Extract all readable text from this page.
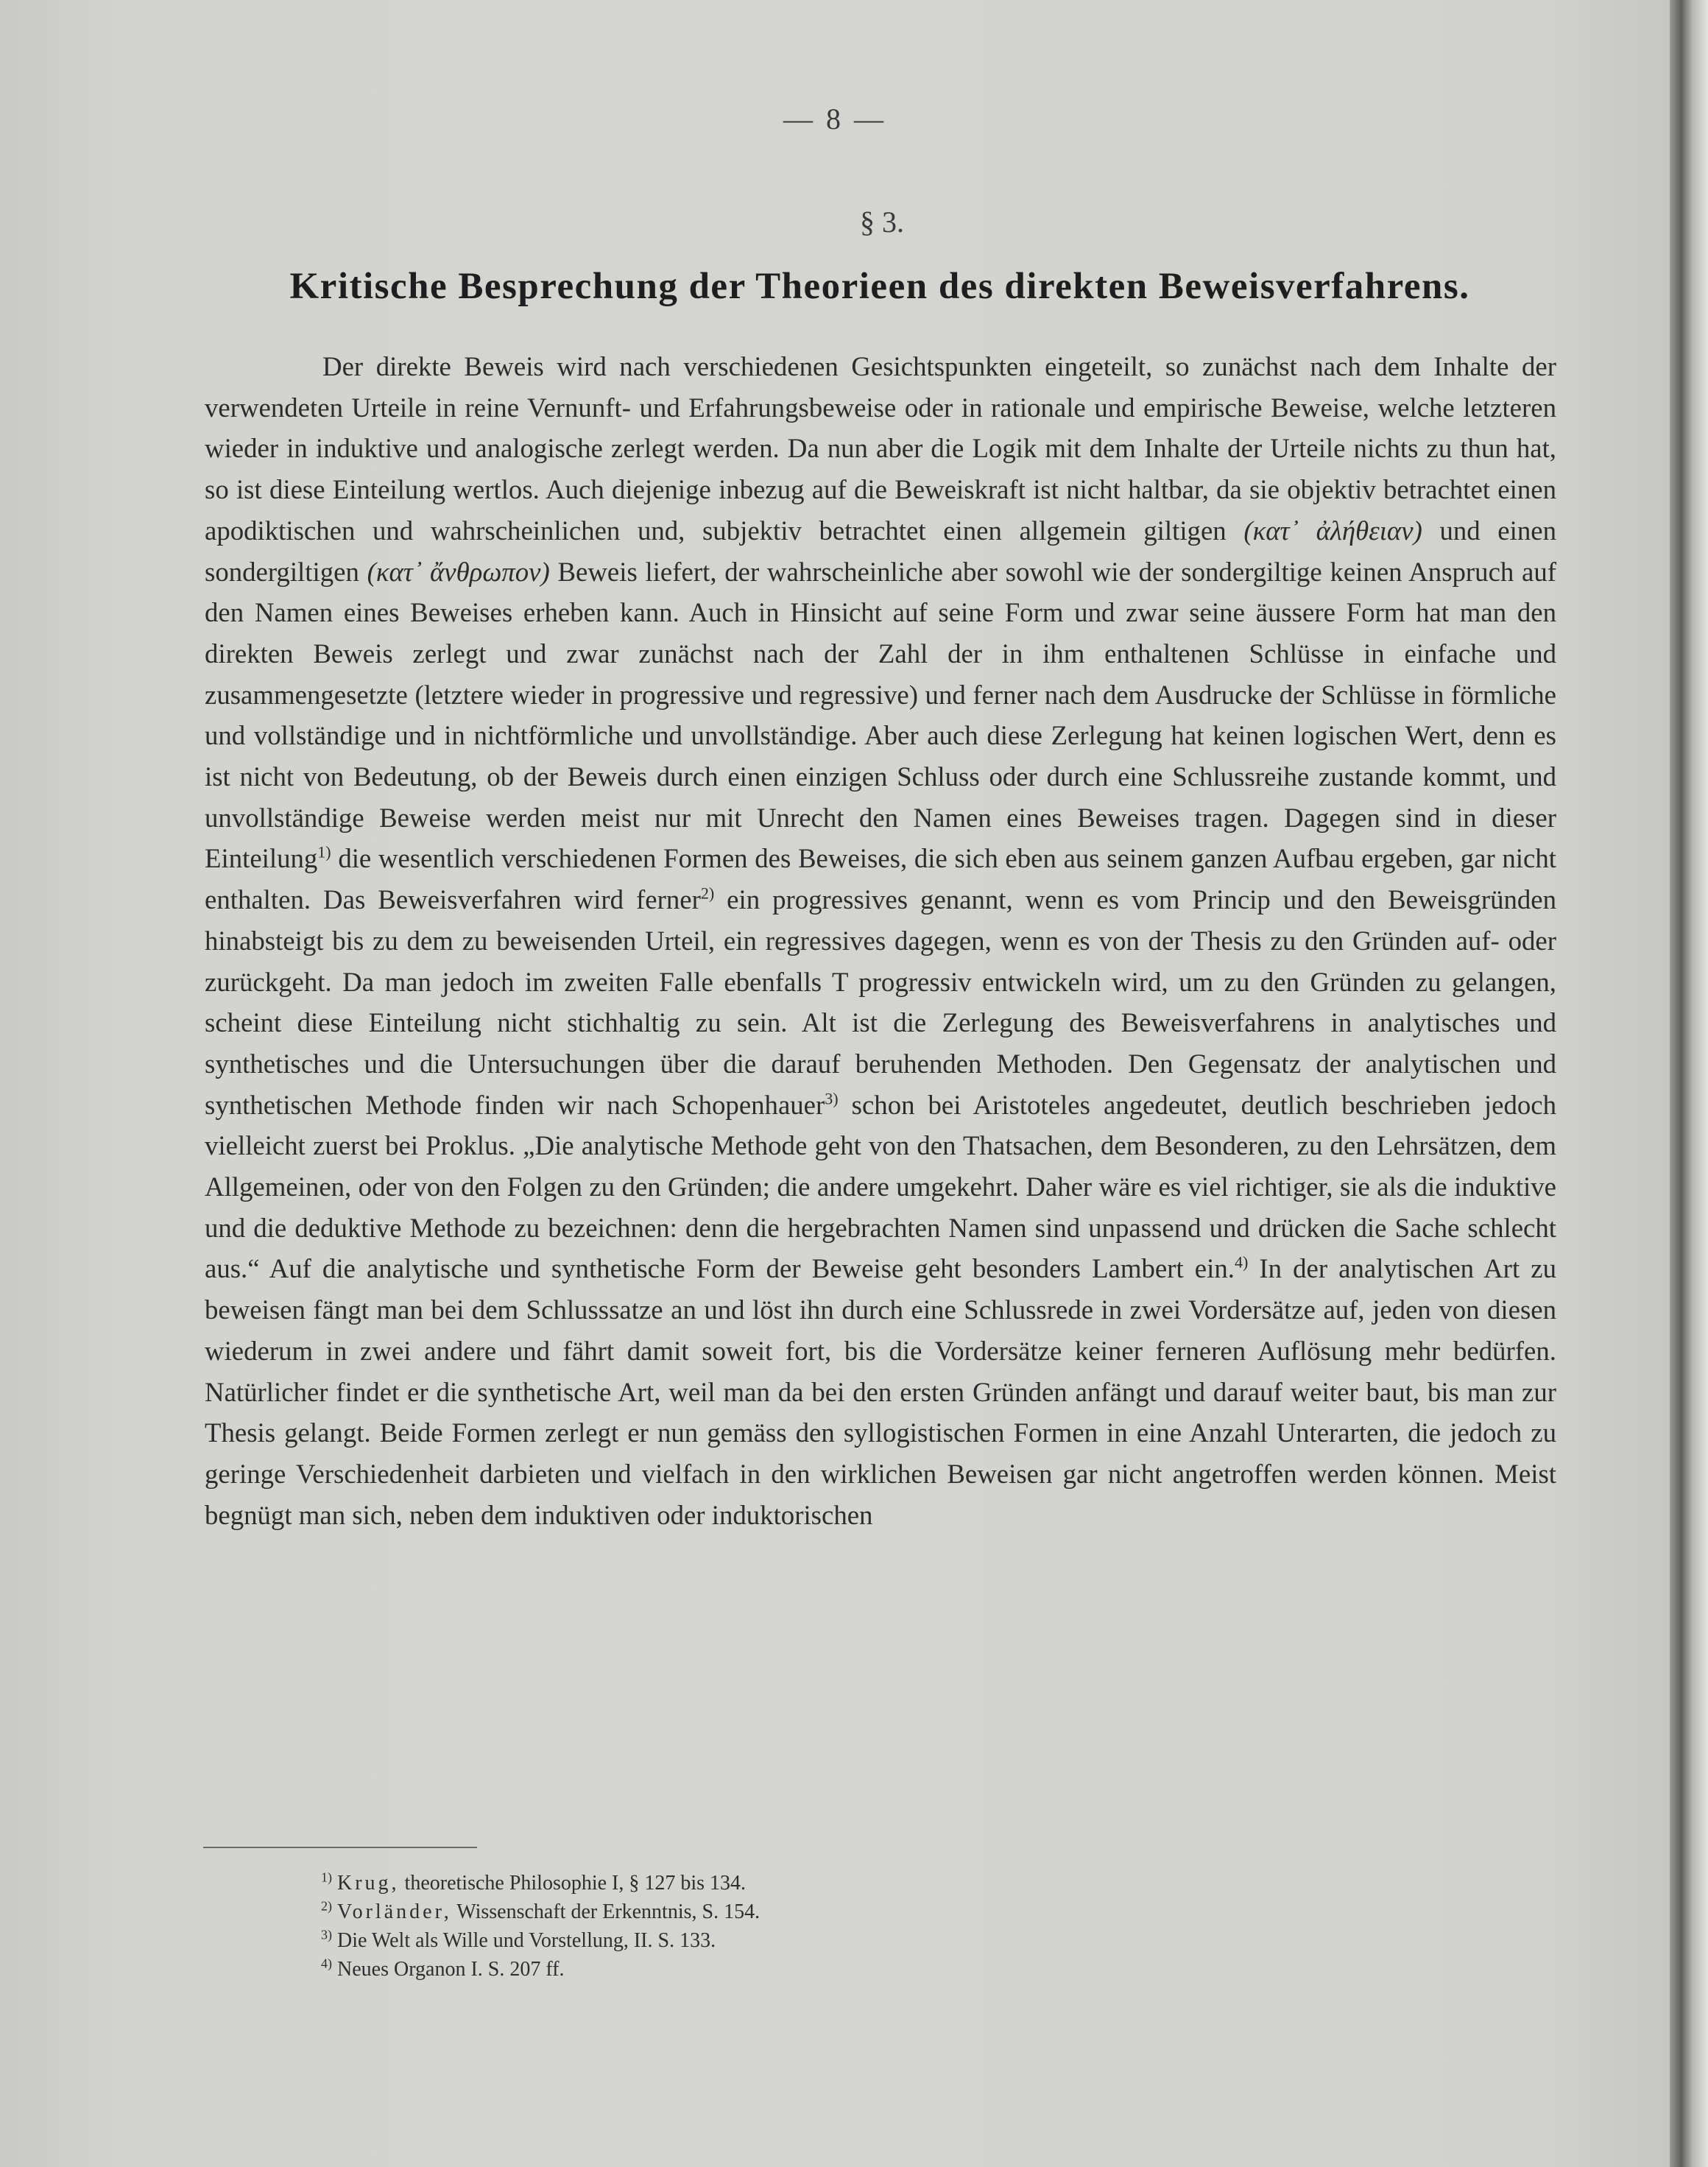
— 8 —
§ 3.
Kritische Besprechung der Theorieen des direkten Beweisverfahrens.
Der direkte Beweis wird nach verschiedenen Gesichtspunkten eingeteilt, so zunächst nach dem Inhalte der verwendeten Urteile in reine Vernunft- und Erfahrungsbeweise oder in rationale und empirische Beweise, welche letzteren wieder in induktive und analogische zerlegt werden. Da nun aber die Logik mit dem Inhalte der Urteile nichts zu thun hat, so ist diese Einteilung wertlos. Auch diejenige inbezug auf die Beweiskraft ist nicht haltbar, da sie objektiv betrachtet einen apodiktischen und wahrscheinlichen und, subjektiv betrachtet einen allgemein giltigen (κατ᾽ ἀλήθειαν) und einen sondergiltigen (κατ᾽ ἄνθρωπον) Beweis liefert, der wahrscheinliche aber sowohl wie der sondergiltige keinen Anspruch auf den Namen eines Beweises erheben kann. Auch in Hinsicht auf seine Form und zwar seine äussere Form hat man den direkten Beweis zerlegt und zwar zunächst nach der Zahl der in ihm enthaltenen Schlüsse in einfache und zusammengesetzte (letztere wieder in progressive und regressive) und ferner nach dem Ausdrucke der Schlüsse in förmliche und vollständige und in nichtförmliche und unvollständige. Aber auch diese Zerlegung hat keinen logischen Wert, denn es ist nicht von Bedeutung, ob der Beweis durch einen einzigen Schluss oder durch eine Schlussreihe zustande kommt, und unvollständige Beweise werden meist nur mit Unrecht den Namen eines Beweises tragen. Dagegen sind in dieser Einteilung$^{1)}$ die wesentlich verschiedenen Formen des Beweises, die sich eben aus seinem ganzen Aufbau ergeben, gar nicht enthalten. Das Beweisverfahren wird ferner$^{2)}$ ein progressives genannt, wenn es vom Princip und den Beweisgründen hinabsteigt bis zu dem zu beweisenden Urteil, ein regressives dagegen, wenn es von der Thesis zu den Gründen auf- oder zurückgeht. Da man jedoch im zweiten Falle ebenfalls T progressiv entwickeln wird, um zu den Gründen zu gelangen, scheint diese Einteilung nicht stichhaltig zu sein. Alt ist die Zerlegung des Beweisverfahrens in analytisches und synthetisches und die Untersuchungen über die darauf beruhenden Methoden. Den Gegensatz der analytischen und synthetischen Methode finden wir nach Schopenhauer$^{3)}$ schon bei Aristoteles angedeutet, deutlich beschrieben jedoch vielleicht zuerst bei Proklus. „Die analytische Methode geht von den Thatsachen, dem Besonderen, zu den Lehrsätzen, dem Allgemeinen, oder von den Folgen zu den Gründen; die andere umgekehrt. Daher wäre es viel richtiger, sie als die induktive und die deduktive Methode zu bezeichnen: denn die hergebrachten Namen sind unpassend und drücken die Sache schlecht aus.“ Auf die analytische und synthetische Form der Beweise geht besonders Lambert ein.$^{4)}$ In der analytischen Art zu beweisen fängt man bei dem Schlusssatze an und löst ihn durch eine Schlussrede in zwei Vordersätze auf, jeden von diesen wiederum in zwei andere und fährt damit soweit fort, bis die Vordersätze keiner ferneren Auflösung mehr bedürfen. Natürlicher findet er die synthetische Art, weil man da bei den ersten Gründen anfängt und darauf weiter baut, bis man zur Thesis gelangt. Beide Formen zerlegt er nun gemäss den syllogistischen Formen in eine Anzahl Unterarten, die jedoch zu geringe Verschiedenheit darbieten und vielfach in den wirklichen Beweisen gar nicht angetroffen werden können. Meist begnügt man sich, neben dem induktiven oder induktorischen
$^{1)}$ Krug, theoretische Philosophie I, § 127 bis 134.
$^{2)}$ Vorländer, Wissenschaft der Erkenntnis, S. 154.
$^{3)}$ Die Welt als Wille und Vorstellung, II. S. 133.
$^{4)}$ Neues Organon I. S. 207 ff.
